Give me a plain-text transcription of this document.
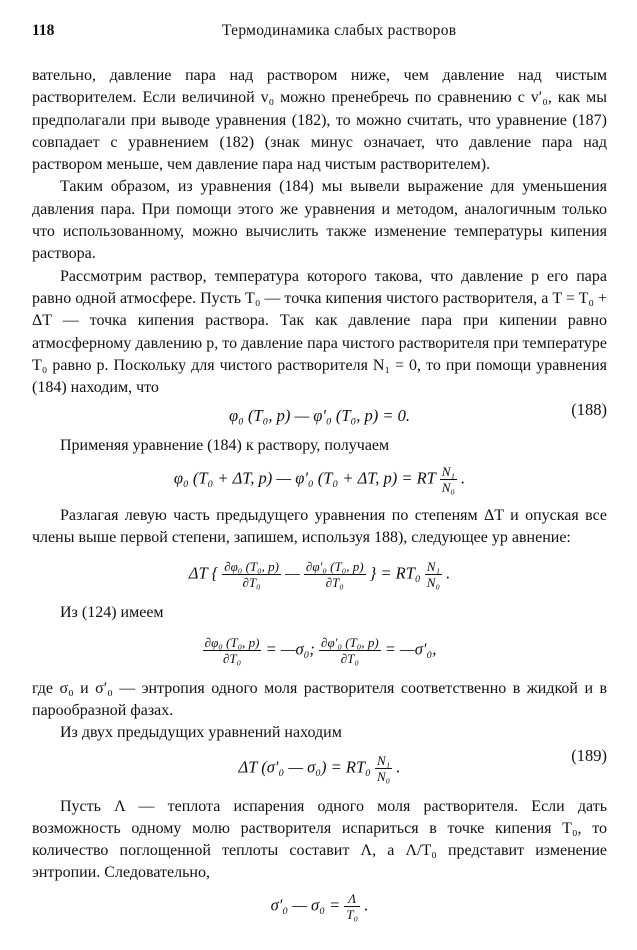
118	Термодинамика слабых растворов

вательно, давление пара над раствором ниже, чем давление над чистым растворителем. Если величиной v₀ можно пренебречь по сравнению с v′₀, как мы предполагали при выводе уравнения (182), то можно считать, что уравнение (187) совпадает с уравнением (182) (знак минус означает, что давление пара над раствором меньше, чем давление пара над чистым растворителем).

Таким образом, из уравнения (184) мы вывели выражение для уменьшения давления пара. При помощи этого же уравнения и методом, аналогичным только что использованному, можно вычислить также изменение температуры кипения раствора.

Рассмотрим раствор, температура которого такова, что давление p его пара равно одной атмосфере. Пусть T₀ — точка кипения чистого растворителя, а T = T₀ + ΔT — точка кипения раствора. Так как давление пара при кипении равно атмосферному давлению p, то давление пара чистого растворителя при температуре T₀ равно p. Поскольку для чистого растворителя N₁ = 0, то при помощи уравнения (184) находим, что

φ₀ (T₀, p) — φ′₀ (T₀, p) = 0.	(188)

Применяя уравнение (184) к раствору, получаем

φ₀ (T₀ + ΔT, p) — φ′₀ (T₀ + ΔT, p) = RT $\frac{\text{N₁}}{\text{N₀}}$ .

Разлагая левую часть предыдущего уравнения по степеням ΔT и опуская все члены выше первой степени, запишем, используя 188), следующее ур авнение:

ΔT { $\frac{\text{∂φ₀ (T₀, p)}}{\text{∂T₀}}$ — $\frac{\text{∂φ′₀ (T₀, p)}}{\text{∂T₀}}$ } = $RT_0 \frac{\text{N₁}}{\text{N₀}}$ .

Из (124) имеем

$\frac{\text{∂φ₀ (T₀, p)}}{\text{∂T₀}}$ = —σ₀; $\frac{\text{∂φ′₀ (T₀, p)}}{\text{∂T₀}}$ = —σ′₀,

где σ₀ и σ′₀ — энтропия одного моля растворителя соответственно в жидкой и в парообразной фазах.

Из двух предыдущих уравнений находим

ΔT (σ′₀ — $\sigma_0) = RT_0 \frac{\text{N₁}}{\text{N₀}}$ .
(189)

Пусть Λ — теплота испарения одного моля растворителя. Если дать возможность одному молю растворителя испариться в точке кипения T₀, то количество поглощенной теплоты составит Λ, а Λ/T₀ представит изменение энтропии. Следовательно,

σ′₀ — $\sigma_0 = \frac{\Lambda}{\text{T₀}}$ .
